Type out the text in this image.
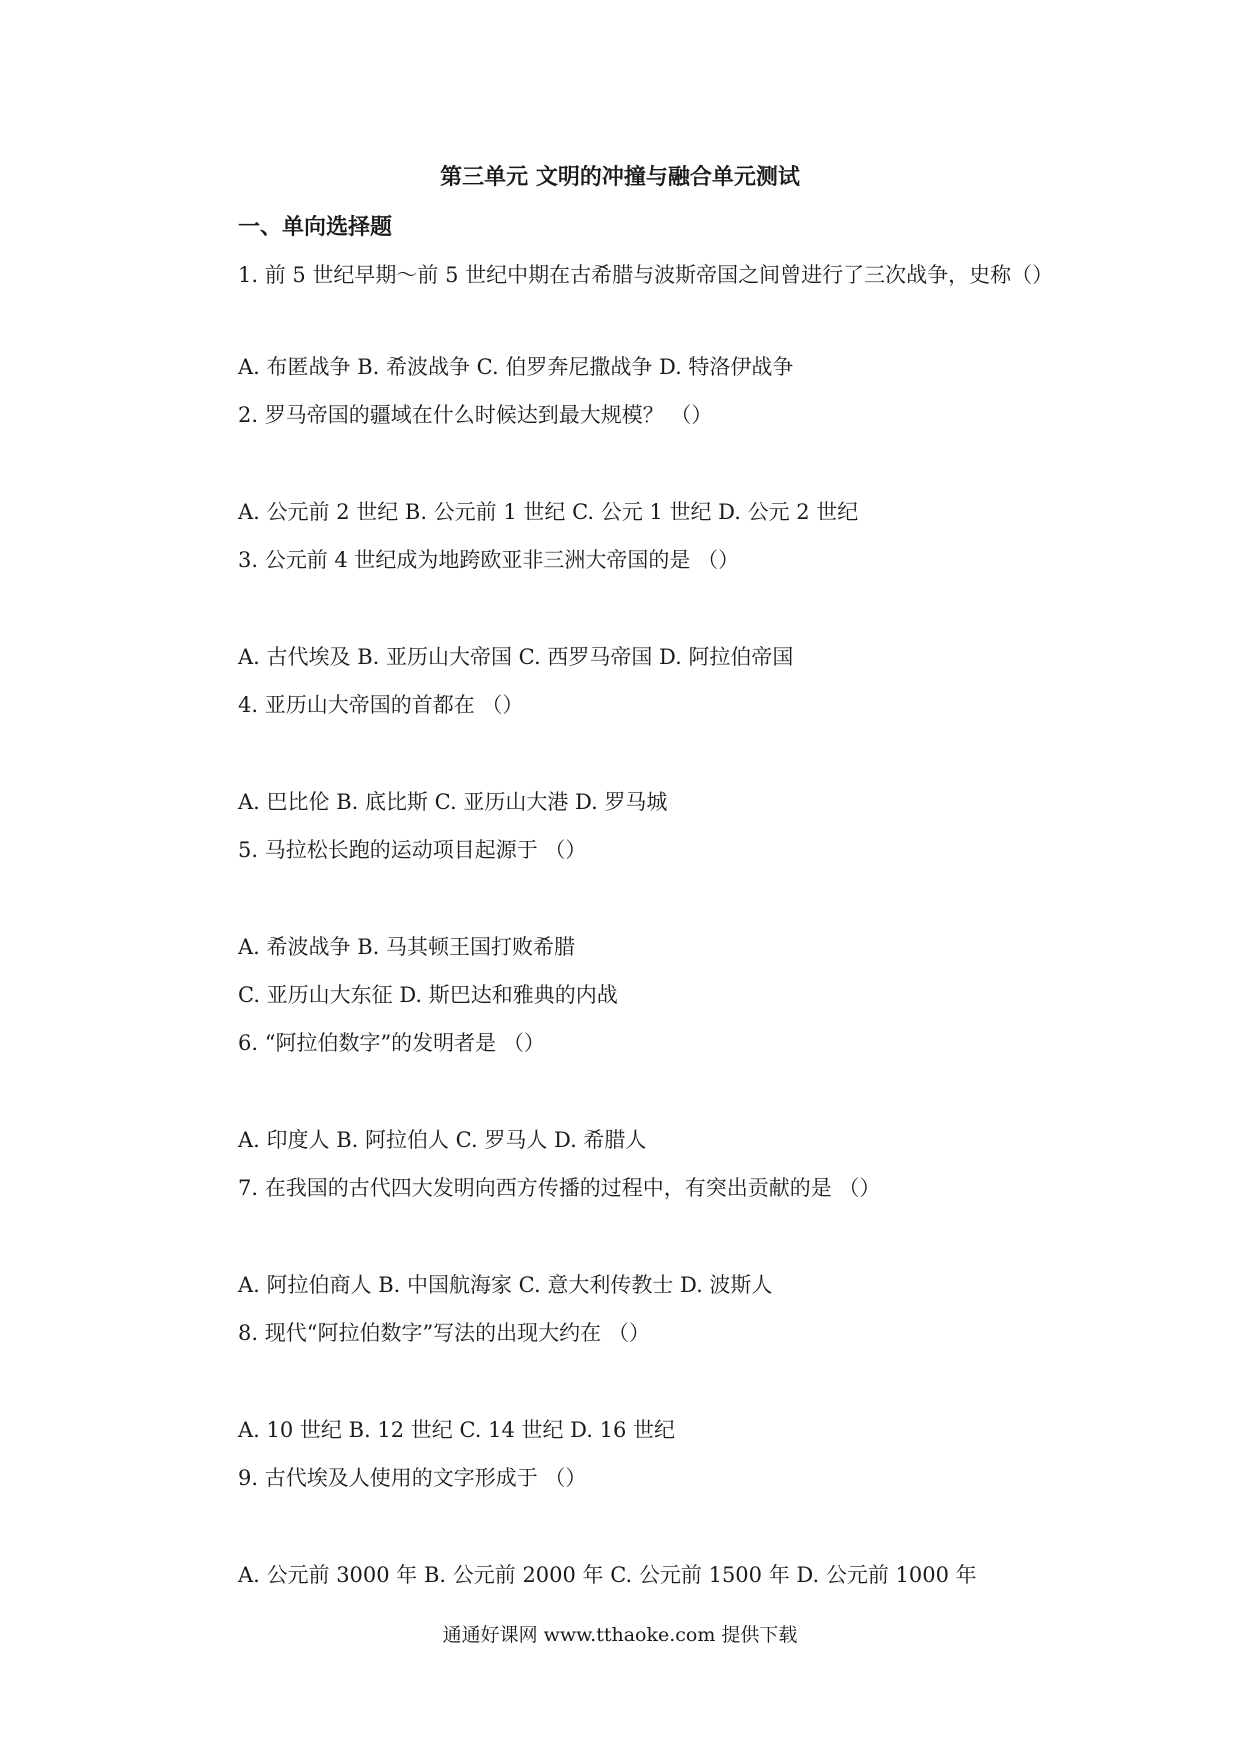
第三单元 文明的冲撞与融合单元测试
一、单向选择题
1. 前 5 世纪早期～前 5 世纪中期在古希腊与波斯帝国之间曾进行了三次战争，史称（）
A. 布匿战争 B. 希波战争 C. 伯罗奔尼撒战争 D. 特洛伊战争
2. 罗马帝国的疆域在什么时候达到最大规模？ （）
A. 公元前 2 世纪 B. 公元前 1 世纪 C. 公元 1 世纪 D. 公元 2 世纪
3. 公元前 4 世纪成为地跨欧亚非三洲大帝国的是 （）
A. 古代埃及 B. 亚历山大帝国 C. 西罗马帝国 D. 阿拉伯帝国
4. 亚历山大帝国的首都在 （）
A. 巴比伦 B. 底比斯 C. 亚历山大港 D. 罗马城
5. 马拉松长跑的运动项目起源于 （）
A. 希波战争 B. 马其顿王国打败希腊
C. 亚历山大东征 D. 斯巴达和雅典的内战
6. “阿拉伯数字”的发明者是 （）
A. 印度人 B. 阿拉伯人 C. 罗马人 D. 希腊人
7. 在我国的古代四大发明向西方传播的过程中，有突出贡献的是 （）
A. 阿拉伯商人 B. 中国航海家 C. 意大利传教士 D. 波斯人
8. 现代“阿拉伯数字”写法的出现大约在 （）
A. 10 世纪 B. 12 世纪 C. 14 世纪 D. 16 世纪
9. 古代埃及人使用的文字形成于 （）
A. 公元前 3000 年 B. 公元前 2000 年 C. 公元前 1500 年 D. 公元前 1000 年
通通好课网 www.tthaoke.com 提供下载
